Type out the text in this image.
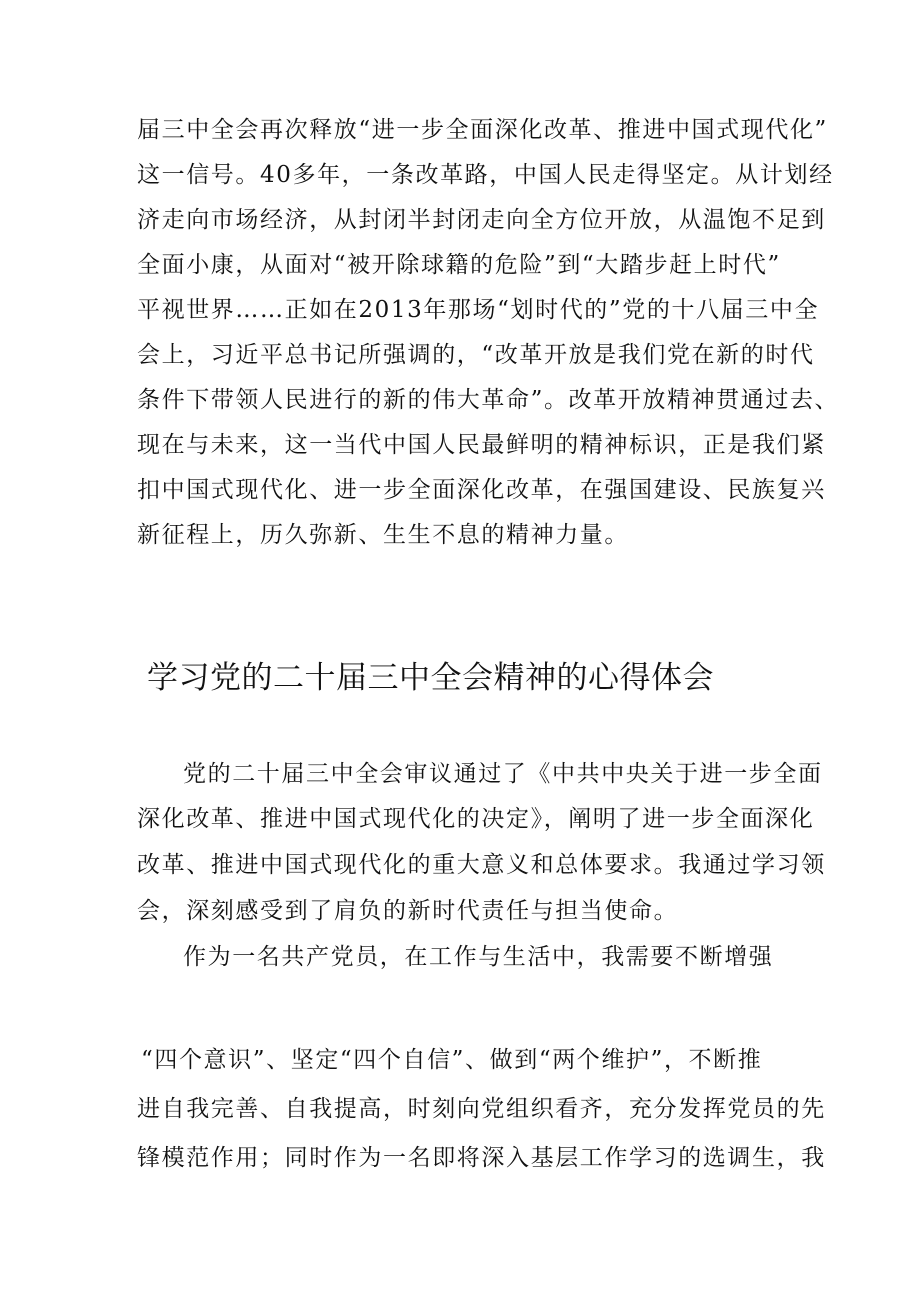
届三中全会再次释放“进一步全面深化改革、推进中国式现代化”
这一信号。40多年，一条改革路，中国人民走得坚定。从计划经
济走向市场经济，从封闭半封闭走向全方位开放，从温饱不足到
全面小康，从面对“被开除球籍的危险”到“大踏步赶上时代”
平视世界……正如在2013年那场“划时代的”党的十八届三中全
会上，习近平总书记所强调的，“改革开放是我们党在新的时代
条件下带领人民进行的新的伟大革命”。改革开放精神贯通过去、
现在与未来，这一当代中国人民最鲜明的精神标识，正是我们紧
扣中国式现代化、进一步全面深化改革，在强国建设、民族复兴
新征程上，历久弥新、生生不息的精神力量。
学习党的二十届三中全会精神的心得体会
党的二十届三中全会审议通过了《中共中央关于进一步全面
深化改革、推进中国式现代化的决定》，阐明了进一步全面深化
改革、推进中国式现代化的重大意义和总体要求。我通过学习领
会，深刻感受到了肩负的新时代责任与担当使命。
作为一名共产党员，在工作与生活中，我需要不断增强
“四个意识”、坚定“四个自信”、做到“两个维护”，不断推
进自我完善、自我提高，时刻向党组织看齐，充分发挥党员的先
锋模范作用；同时作为一名即将深入基层工作学习的选调生，我
